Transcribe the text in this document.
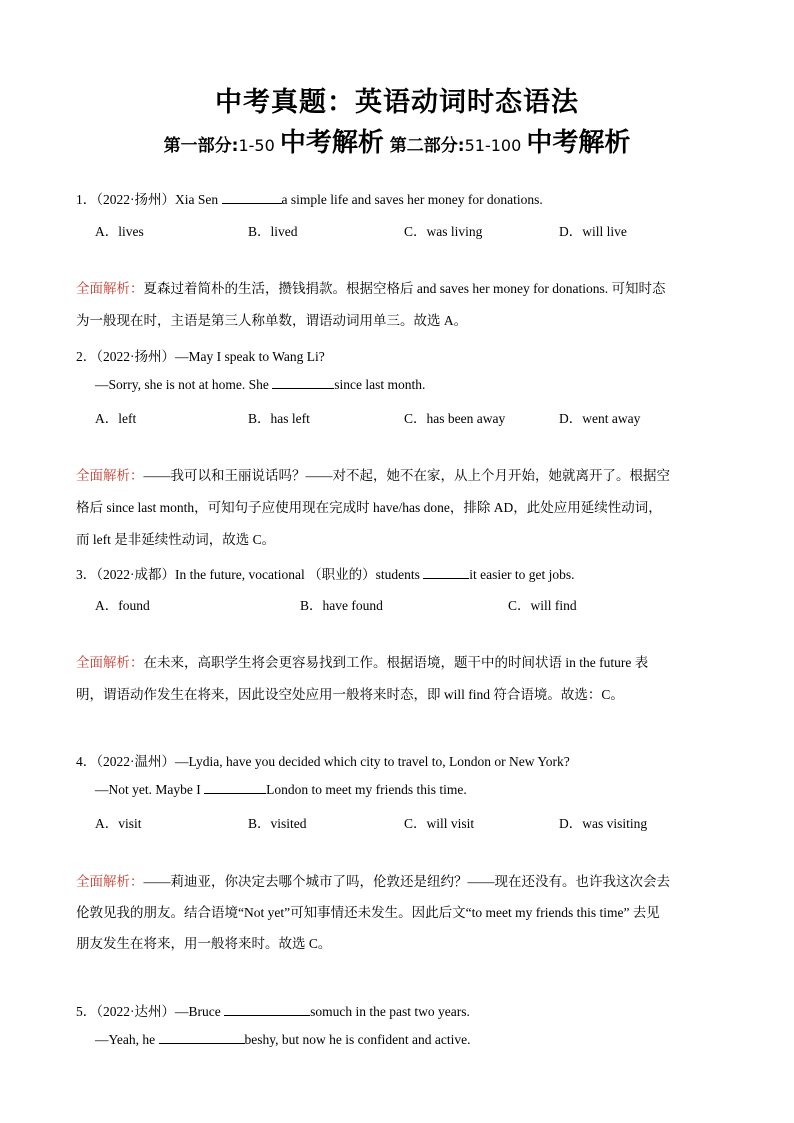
中考真题：英语动词时态语法
第一部分:1-50 中考解析 第二部分:51-100 中考解析
1．（2022·扬州）Xia Sen	a simple life and saves her money for donations.
A．lives	B．lived	C．was living	D．will live
全面解析：夏森过着简朴的生活，攒钱捐款。根据空格后 and saves her money for donations. 可知时态
为一般现在时，主语是第三人称单数，谓语动词用单三。故选 A。
2．（2022·扬州）—May I speak to Wang Li?
—Sorry, she is not at home. She	since last month.
A．left	B．has left	C．has been away	D．went away
全面解析：——我可以和王丽说话吗？——对不起，她不在家，从上个月开始，她就离开了。根据空
格后 since last month，可知句子应使用现在完成时 have/has done，排除 AD，此处应用延续性动词，
而 left 是非延续性动词，故选 C。
3．（2022·成都）In the future, vocational （职业的）students	it easier to get jobs.
A．found	B．have found	C．will find
全面解析：在未来，高职学生将会更容易找到工作。根据语境，题干中的时间状语 in the future 表
明，谓语动作发生在将来，因此设空处应用一般将来时态，即 will find 符合语境。故选：C。
4．（2022·温州）—Lydia, have you decided which city to travel to, London or New York?
—Not yet. Maybe I	London to meet my friends this time.
A．visit	B．visited	C．will visit	D．was visiting
全面解析：——莉迪亚，你决定去哪个城市了吗，伦敦还是纽约？——现在还没有。也许我这次会去
伦敦见我的朋友。结合语境“Not yet”可知事情还未发生。因此后文“to meet my friends this time” 去见
朋友发生在将来，用一般将来时。故选 C。
5．（2022·达州）—Bruce	somuch in the past two years.
—Yeah, he	beshy, but now he is confident and active.
